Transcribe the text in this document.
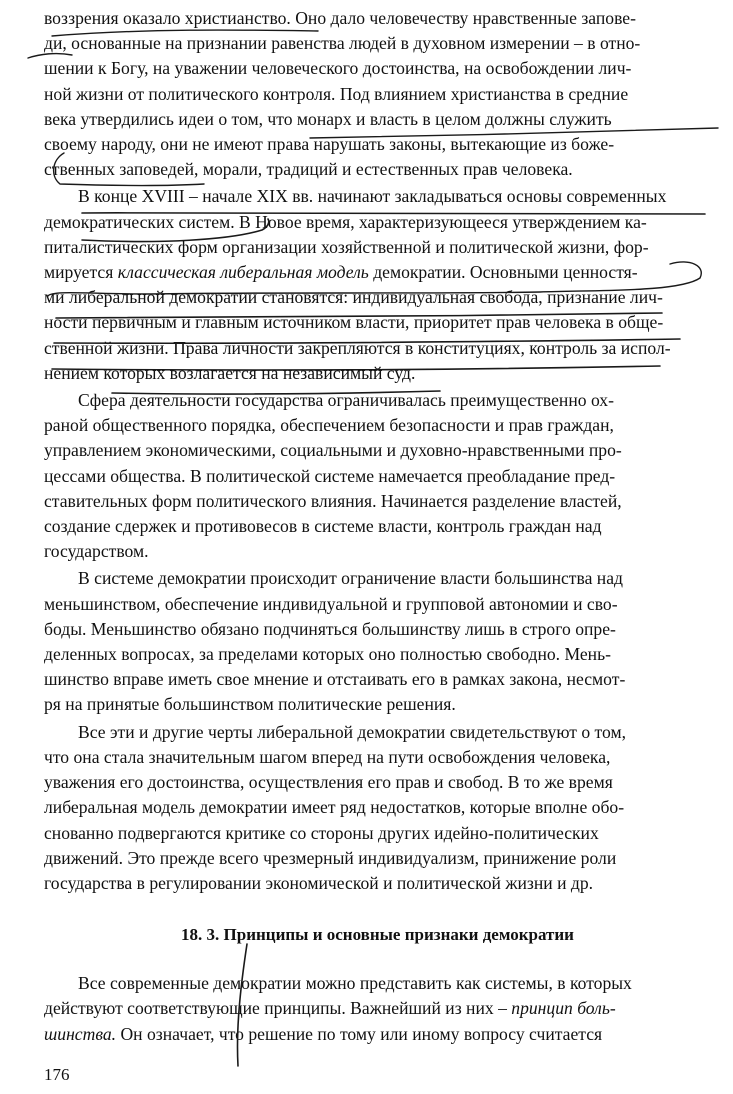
воззрения оказало христианство. Оно дало человечеству нравственные запове-
ди, основанные на признании равенства людей в духовном измерении – в отно-
шении к Богу, на уважении человеческого достоинства, на освобождении лич-
ной жизни от политического контроля. Под влиянием христианства в средние
века утвердились идеи о том, что монарх и власть в целом должны служить
своему народу, они не имеют права нарушать законы, вытекающие из боже-
ственных заповедей, морали, традиций и естественных прав человека.

В конце XVIII – начале XIX вв. начинают закладываться основы современных
демократических систем. В Новое время, характеризующееся утверждением ка-
питалистических форм организации хозяйственной и политической жизни, фор-
мируется классическая либеральная модель демократии. Основными ценностя-
ми либеральной демократии становятся: индивидуальная свобода, признание лич-
ности первичным и главным источником власти, приоритет прав человека в обще-
ственной жизни. Права личности закрепляются в конституциях, контроль за испол-
нением которых возлагается на независимый суд.

Сфера деятельности государства ограничивалась преимущественно ох-
раной общественного порядка, обеспечением безопасности и прав граждан,
управлением экономическими, социальными и духовно-нравственными про-
цессами общества. В политической системе намечается преобладание пред-
ставительных форм политического влияния. Начинается разделение властей,
создание сдержек и противовесов в системе власти, контроль граждан над
государством.

В системе демократии происходит ограничение власти большинства над
меньшинством, обеспечение индивидуальной и групповой автономии и сво-
боды. Меньшинство обязано подчиняться большинству лишь в строго опре-
деленных вопросах, за пределами которых оно полностью свободно. Мень-
шинство вправе иметь свое мнение и отстаивать его в рамках закона, несмот-
ря на принятые большинством политические решения.

Все эти и другие черты либеральной демократии свидетельствуют о том,
что она стала значительным шагом вперед на пути освобождения человека,
уважения его достоинства, осуществления его прав и свобод. В то же время
либеральная модель демократии имеет ряд недостатков, которые вполне обо-
снованно подвергаются критике со стороны других идейно-политических
движений. Это прежде всего чрезмерный индивидуализм, принижение роли
государства в регулировании экономической и политической жизни и др.

18. 3. Принципы и основные признаки демократии

Все современные демократии можно представить как системы, в которых
действуют соответствующие принципы. Важнейший из них – принцип боль-
шинства. Он означает, что решение по тому или иному вопросу считается

176
